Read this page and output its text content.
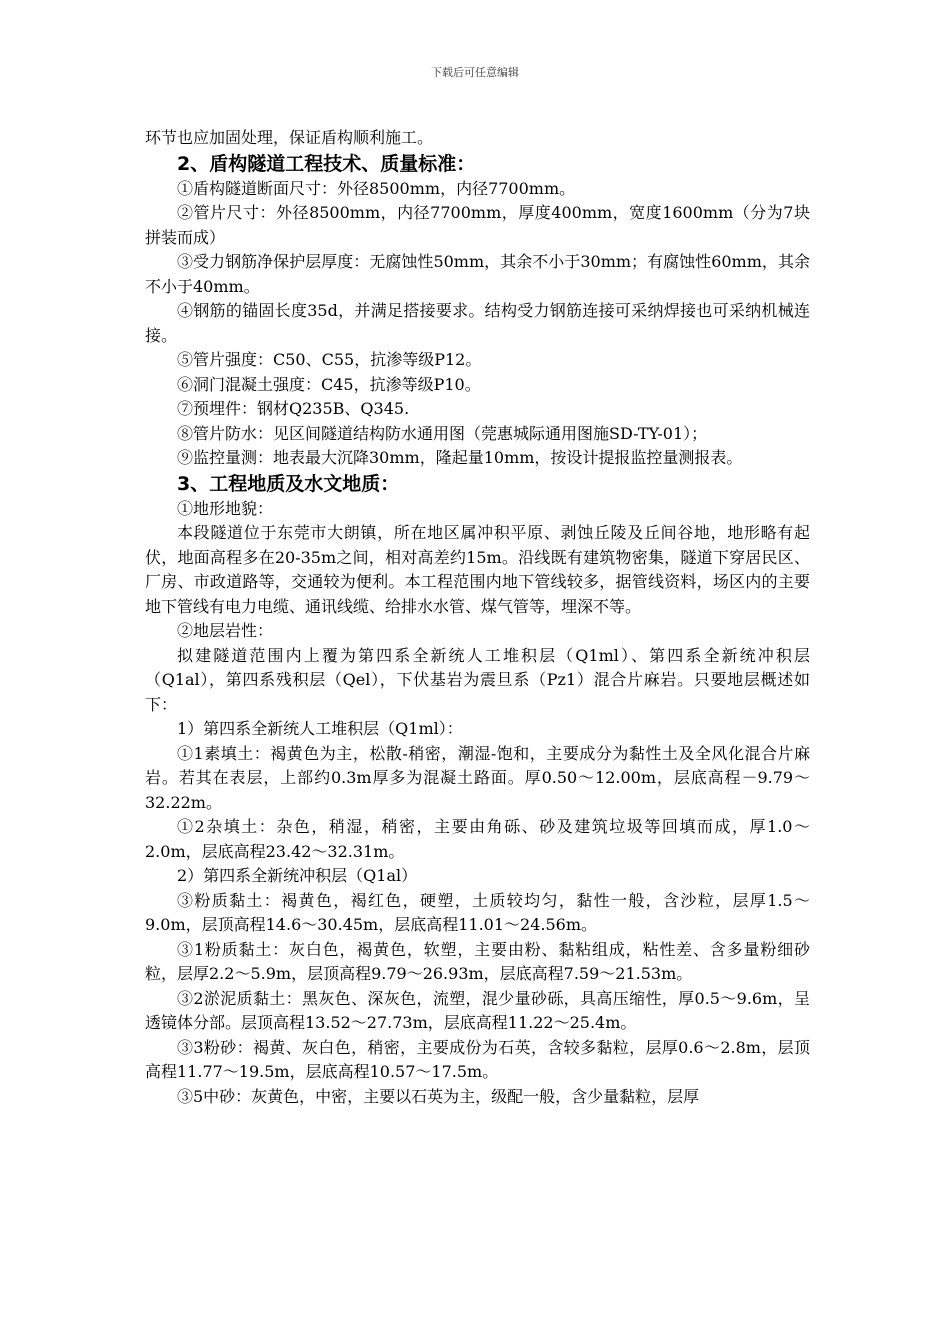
下载后可任意编辑

环节也应加固处理，保证盾构顺利施工。

2、盾构隧道工程技术、质量标准：

①盾构隧道断面尺寸：外径8500mm，内径7700mm。

②管片尺寸：外径8500mm，内径7700mm，厚度400mm，宽度1600mm（分为7块拼装而成）

③受力钢筋净保护层厚度：无腐蚀性50mm，其余不小于30mm；有腐蚀性60mm，其余不小于40mm。

④钢筋的锚固长度35d，并满足搭接要求。结构受力钢筋连接可采纳焊接也可采纳机械连接。

⑤管片强度：C50、C55，抗渗等级P12。

⑥洞门混凝土强度：C45，抗渗等级P10。

⑦预埋件：钢材Q235B、Q345.

⑧管片防水：见区间隧道结构防水通用图（莞惠城际通用图施SD-TY-01）；

⑨监控量测：地表最大沉降30mm，隆起量10mm，按设计提报监控量测报表。

3、工程地质及水文地质：

①地形地貌：

本段隧道位于东莞市大朗镇，所在地区属冲积平原、剥蚀丘陵及丘间谷地，地形略有起伏，地面高程多在20-35m之间，相对高差约15m。沿线既有建筑物密集，隧道下穿居民区、厂房、市政道路等，交通较为便利。本工程范围内地下管线较多，据管线资料，场区内的主要地下管线有电力电缆、通讯线缆、给排水水管、煤气管等，埋深不等。

②地层岩性：

拟建隧道范围内上覆为第四系全新统人工堆积层（Q1ml）、第四系全新统冲积层（Q1al），第四系残积层（Qel），下伏基岩为震旦系（Pz1）混合片麻岩。只要地层概述如下：

1）第四系全新统人工堆积层（Q1ml）：

①1素填土：褐黄色为主，松散-稍密，潮湿-饱和，主要成分为黏性土及全风化混合片麻岩。若其在表层，上部约0.3m厚多为混凝土路面。厚0.50～12.00m，层底高程－9.79～32.22m。

①2杂填土：杂色，稍湿，稍密，主要由角砾、砂及建筑垃圾等回填而成，厚1.0～2.0m，层底高程23.42～32.31m。

2）第四系全新统冲积层（Q1al）

③粉质黏土：褐黄色，褐红色，硬塑，土质较均匀，黏性一般，含沙粒，层厚1.5～9.0m，层顶高程14.6～30.45m，层底高程11.01～24.56m。

③1粉质黏土：灰白色，褐黄色，软塑，主要由粉、黏粘组成，粘性差、含多量粉细砂粒，层厚2.2～5.9m，层顶高程9.79～26.93m，层底高程7.59～21.53m。

③2淤泥质黏土：黑灰色、深灰色，流塑，混少量砂砾，具高压缩性，厚0.5～9.6m，呈透镜体分部。层顶高程13.52～27.73m，层底高程11.22～25.4m。

③3粉砂：褐黄、灰白色，稍密，主要成份为石英，含较多黏粒，层厚0.6～2.8m，层顶高程11.77～19.5m，层底高程10.57～17.5m。

③5中砂：灰黄色，中密，主要以石英为主，级配一般，含少量黏粒，层厚
